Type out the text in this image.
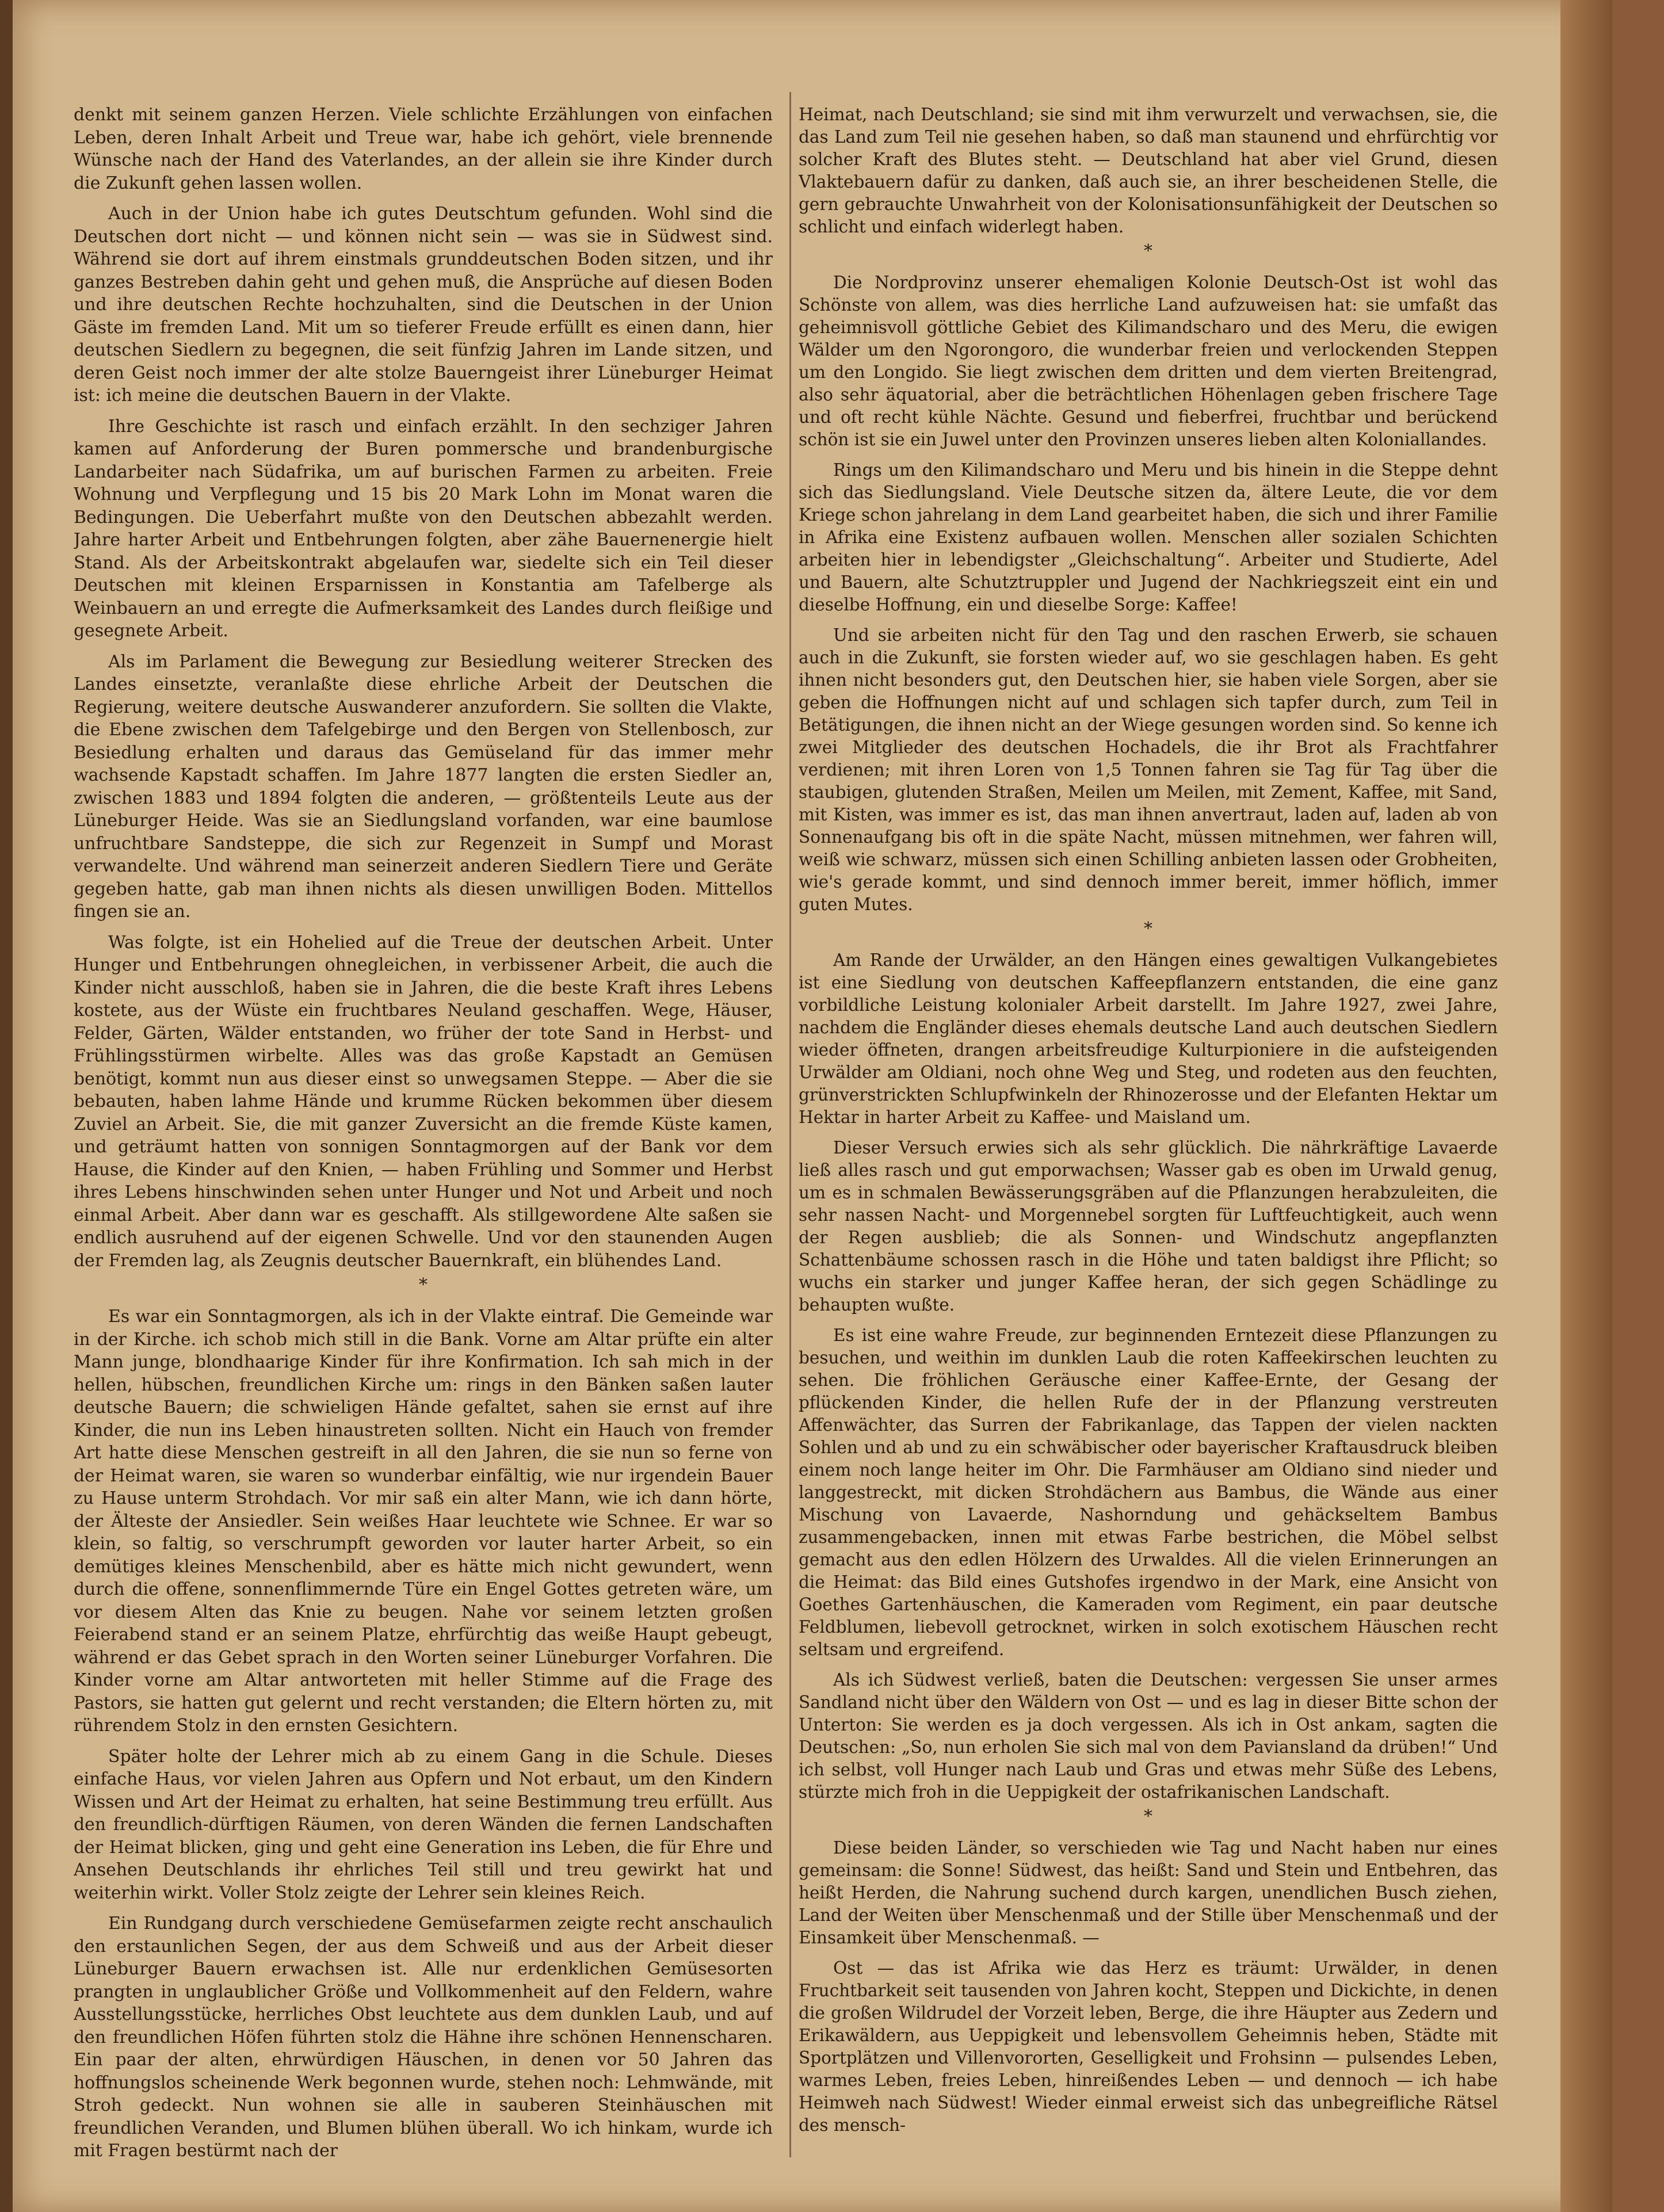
denkt mit seinem ganzen Herzen. Viele schlichte Erzählungen von einfachen Leben, deren Inhalt Arbeit und Treue war, habe ich gehört, viele brennende Wünsche nach der Hand des Vaterlandes, an der allein sie ihre Kinder durch die Zukunft gehen lassen wollen.

Auch in der Union habe ich gutes Deutschtum gefunden. Wohl sind die Deutschen dort nicht — und können nicht sein — was sie in Südwest sind. Während sie dort auf ihrem einstmals grunddeutschen Boden sitzen, und ihr ganzes Bestreben dahin geht und gehen muß, die Ansprüche auf diesen Boden und ihre deutschen Rechte hochzuhalten, sind die Deutschen in der Union Gäste im fremden Land. Mit um so tieferer Freude erfüllt es einen dann, hier deutschen Siedlern zu begegnen, die seit fünfzig Jahren im Lande sitzen, und deren Geist noch immer der alte stolze Bauerngeist ihrer Lüneburger Heimat ist: ich meine die deutschen Bauern in der Vlakte.

Ihre Geschichte ist rasch und einfach erzählt. In den sechziger Jahren kamen auf Anforderung der Buren pommersche und brandenburgische Landarbeiter nach Südafrika, um auf burischen Farmen zu arbeiten. Freie Wohnung und Verpflegung und 15 bis 20 Mark Lohn im Monat waren die Bedingungen. Die Ueberfahrt mußte von den Deutschen abbezahlt werden. Jahre harter Arbeit und Entbehrungen folgten, aber zähe Bauernenergie hielt Stand. Als der Arbeitskontrakt abgelaufen war, siedelte sich ein Teil dieser Deutschen mit kleinen Ersparnissen in Konstantia am Tafelberge als Weinbauern an und erregte die Aufmerksamkeit des Landes durch fleißige und gesegnete Arbeit.

Als im Parlament die Bewegung zur Besiedlung weiterer Strecken des Landes einsetzte, veranlaßte diese ehrliche Arbeit der Deutschen die Regierung, weitere deutsche Auswanderer anzufordern. Sie sollten die Vlakte, die Ebene zwischen dem Tafelgebirge und den Bergen von Stellenbosch, zur Besiedlung erhalten und daraus das Gemüseland für das immer mehr wachsende Kapstadt schaffen. Im Jahre 1877 langten die ersten Siedler an, zwischen 1883 und 1894 folgten die anderen, — größtenteils Leute aus der Lüneburger Heide. Was sie an Siedlungsland vorfanden, war eine baumlose unfruchtbare Sandsteppe, die sich zur Regenzeit in Sumpf und Morast verwandelte. Und während man seinerzeit anderen Siedlern Tiere und Geräte gegeben hatte, gab man ihnen nichts als diesen unwilligen Boden. Mittellos fingen sie an.

Was folgte, ist ein Hohelied auf die Treue der deutschen Arbeit. Unter Hunger und Entbehrungen ohnegleichen, in verbissener Arbeit, die auch die Kinder nicht ausschloß, haben sie in Jahren, die die beste Kraft ihres Lebens kostete, aus der Wüste ein fruchtbares Neuland geschaffen. Wege, Häuser, Felder, Gärten, Wälder entstanden, wo früher der tote Sand in Herbst- und Frühlingsstürmen wirbelte. Alles was das große Kapstadt an Gemüsen benötigt, kommt nun aus dieser einst so unwegsamen Steppe. — Aber die sie bebauten, haben lahme Hände und krumme Rücken bekommen über diesem Zuviel an Arbeit. Sie, die mit ganzer Zuversicht an die fremde Küste kamen, und geträumt hatten von sonnigen Sonntagmorgen auf der Bank vor dem Hause, die Kinder auf den Knien, — haben Frühling und Sommer und Herbst ihres Lebens hinschwinden sehen unter Hunger und Not und Arbeit und noch einmal Arbeit. Aber dann war es geschafft. Als stillgewordene Alte saßen sie endlich ausruhend auf der eigenen Schwelle. Und vor den staunenden Augen der Fremden lag, als Zeugnis deutscher Bauernkraft, ein blühendes Land.

*

Es war ein Sonntagmorgen, als ich in der Vlakte eintraf. Die Gemeinde war in der Kirche. ich schob mich still in die Bank. Vorne am Altar prüfte ein alter Mann junge, blondhaarige Kinder für ihre Konfirmation. Ich sah mich in der hellen, hübschen, freundlichen Kirche um: rings in den Bänken saßen lauter deutsche Bauern; die schwieligen Hände gefaltet, sahen sie ernst auf ihre Kinder, die nun ins Leben hinaustreten sollten. Nicht ein Hauch von fremder Art hatte diese Menschen gestreift in all den Jahren, die sie nun so ferne von der Heimat waren, sie waren so wunderbar einfältig, wie nur irgendein Bauer zu Hause unterm Strohdach. Vor mir saß ein alter Mann, wie ich dann hörte, der Älteste der Ansiedler. Sein weißes Haar leuchtete wie Schnee. Er war so klein, so faltig, so verschrumpft geworden vor lauter harter Arbeit, so ein demütiges kleines Menschenbild, aber es hätte mich nicht gewundert, wenn durch die offene, sonnenflimmernde Türe ein Engel Gottes getreten wäre, um vor diesem Alten das Knie zu beugen. Nahe vor seinem letzten großen Feierabend stand er an seinem Platze, ehrfürchtig das weiße Haupt gebeugt, während er das Gebet sprach in den Worten seiner Lüneburger Vorfahren. Die Kinder vorne am Altar antworteten mit heller Stimme auf die Frage des Pastors, sie hatten gut gelernt und recht verstanden; die Eltern hörten zu, mit rührendem Stolz in den ernsten Gesichtern.

Später holte der Lehrer mich ab zu einem Gang in die Schule. Dieses einfache Haus, vor vielen Jahren aus Opfern und Not erbaut, um den Kindern Wissen und Art der Heimat zu erhalten, hat seine Bestimmung treu erfüllt. Aus den freundlich-dürftigen Räumen, von deren Wänden die fernen Landschaften der Heimat blicken, ging und geht eine Generation ins Leben, die für Ehre und Ansehen Deutschlands ihr ehrliches Teil still und treu gewirkt hat und weiterhin wirkt. Voller Stolz zeigte der Lehrer sein kleines Reich.

Ein Rundgang durch verschiedene Gemüsefarmen zeigte recht anschaulich den erstaunlichen Segen, der aus dem Schweiß und aus der Arbeit dieser Lüneburger Bauern erwachsen ist. Alle nur erdenklichen Gemüsesorten prangten in unglaublicher Größe und Vollkommenheit auf den Feldern, wahre Ausstellungsstücke, herrliches Obst leuchtete aus dem dunklen Laub, und auf den freundlichen Höfen führten stolz die Hähne ihre schönen Hennenscharen. Ein paar der alten, ehrwürdigen Häuschen, in denen vor 50 Jahren das hoffnungslos scheinende Werk begonnen wurde, stehen noch: Lehmwände, mit Stroh gedeckt. Nun wohnen sie alle in sauberen Steinhäuschen mit freundlichen Veranden, und Blumen blühen überall. Wo ich hinkam, wurde ich mit Fragen bestürmt nach der

Heimat, nach Deutschland; sie sind mit ihm verwurzelt und verwachsen, sie, die das Land zum Teil nie gesehen haben, so daß man staunend und ehrfürchtig vor solcher Kraft des Blutes steht. — Deutschland hat aber viel Grund, diesen Vlaktebauern dafür zu danken, daß auch sie, an ihrer bescheidenen Stelle, die gern gebrauchte Unwahrheit von der Kolonisationsunfähigkeit der Deutschen so schlicht und einfach widerlegt haben.

*

Die Nordprovinz unserer ehemaligen Kolonie Deutsch-Ost ist wohl das Schönste von allem, was dies herrliche Land aufzuweisen hat: sie umfaßt das geheimnisvoll göttliche Gebiet des Kilimandscharo und des Meru, die ewigen Wälder um den Ngorongoro, die wunderbar freien und verlockenden Steppen um den Longido. Sie liegt zwischen dem dritten und dem vierten Breitengrad, also sehr äquatorial, aber die beträchtlichen Höhenlagen geben frischere Tage und oft recht kühle Nächte. Gesund und fieberfrei, fruchtbar und berückend schön ist sie ein Juwel unter den Provinzen unseres lieben alten Koloniallandes.

Rings um den Kilimandscharo und Meru und bis hinein in die Steppe dehnt sich das Siedlungsland. Viele Deutsche sitzen da, ältere Leute, die vor dem Kriege schon jahrelang in dem Land gearbeitet haben, die sich und ihrer Familie in Afrika eine Existenz aufbauen wollen. Menschen aller sozialen Schichten arbeiten hier in lebendigster „Gleichschaltung“. Arbeiter und Studierte, Adel und Bauern, alte Schutztruppler und Jugend der Nachkriegszeit eint ein und dieselbe Hoffnung, ein und dieselbe Sorge: Kaffee!

Und sie arbeiten nicht für den Tag und den raschen Erwerb, sie schauen auch in die Zukunft, sie forsten wieder auf, wo sie geschlagen haben. Es geht ihnen nicht besonders gut, den Deutschen hier, sie haben viele Sorgen, aber sie geben die Hoffnungen nicht auf und schlagen sich tapfer durch, zum Teil in Betätigungen, die ihnen nicht an der Wiege gesungen worden sind. So kenne ich zwei Mitglieder des deutschen Hochadels, die ihr Brot als Frachtfahrer verdienen; mit ihren Loren von 1,5 Tonnen fahren sie Tag für Tag über die staubigen, glutenden Straßen, Meilen um Meilen, mit Zement, Kaffee, mit Sand, mit Kisten, was immer es ist, das man ihnen anvertraut, laden auf, laden ab von Sonnenaufgang bis oft in die späte Nacht, müssen mitnehmen, wer fahren will, weiß wie schwarz, müssen sich einen Schilling anbieten lassen oder Grobheiten, wie's gerade kommt, und sind dennoch immer bereit, immer höflich, immer guten Mutes.

*

Am Rande der Urwälder, an den Hängen eines gewaltigen Vulkangebietes ist eine Siedlung von deutschen Kaffeepflanzern entstanden, die eine ganz vorbildliche Leistung kolonialer Arbeit darstellt. Im Jahre 1927, zwei Jahre, nachdem die Engländer dieses ehemals deutsche Land auch deutschen Siedlern wieder öffneten, drangen arbeitsfreudige Kulturpioniere in die aufsteigenden Urwälder am Oldiani, noch ohne Weg und Steg, und rodeten aus den feuchten, grünverstrickten Schlupfwinkeln der Rhinozerosse und der Elefanten Hektar um Hektar in harter Arbeit zu Kaffee- und Maisland um.

Dieser Versuch erwies sich als sehr glücklich. Die nährkräftige Lavaerde ließ alles rasch und gut emporwachsen; Wasser gab es oben im Urwald genug, um es in schmalen Bewässerungsgräben auf die Pflanzungen herabzuleiten, die sehr nassen Nacht- und Morgennebel sorgten für Luftfeuchtigkeit, auch wenn der Regen ausblieb; die als Sonnen- und Windschutz angepflanzten Schattenbäume schossen rasch in die Höhe und taten baldigst ihre Pflicht; so wuchs ein starker und junger Kaffee heran, der sich gegen Schädlinge zu behaupten wußte.

Es ist eine wahre Freude, zur beginnenden Erntezeit diese Pflanzungen zu besuchen, und weithin im dunklen Laub die roten Kaffeekirschen leuchten zu sehen. Die fröhlichen Geräusche einer Kaffee-Ernte, der Gesang der pflückenden Kinder, die hellen Rufe der in der Pflanzung verstreuten Affenwächter, das Surren der Fabrikanlage, das Tappen der vielen nackten Sohlen und ab und zu ein schwäbischer oder bayerischer Kraftausdruck bleiben einem noch lange heiter im Ohr. Die Farmhäuser am Oldiano sind nieder und langgestreckt, mit dicken Strohdächern aus Bambus, die Wände aus einer Mischung von Lavaerde, Nashorndung und gehäckseltem Bambus zusammengebacken, innen mit etwas Farbe bestrichen, die Möbel selbst gemacht aus den edlen Hölzern des Urwaldes. All die vielen Erinnerungen an die Heimat: das Bild eines Gutshofes irgendwo in der Mark, eine Ansicht von Goethes Gartenhäuschen, die Kameraden vom Regiment, ein paar deutsche Feldblumen, liebevoll getrocknet, wirken in solch exotischem Häuschen recht seltsam und ergreifend.

Als ich Südwest verließ, baten die Deutschen: vergessen Sie unser armes Sandland nicht über den Wäldern von Ost — und es lag in dieser Bitte schon der Unterton: Sie werden es ja doch vergessen. Als ich in Ost ankam, sagten die Deutschen: „So, nun erholen Sie sich mal von dem Paviansland da drüben!“ Und ich selbst, voll Hunger nach Laub und Gras und etwas mehr Süße des Lebens, stürzte mich froh in die Ueppigkeit der ostafrikanischen Landschaft.

*

Diese beiden Länder, so verschieden wie Tag und Nacht haben nur eines gemeinsam: die Sonne! Südwest, das heißt: Sand und Stein und Entbehren, das heißt Herden, die Nahrung suchend durch kargen, unendlichen Busch ziehen, Land der Weiten über Menschenmaß und der Stille über Menschenmaß und der Einsamkeit über Menschenmaß. —

Ost — das ist Afrika wie das Herz es träumt: Urwälder, in denen Fruchtbarkeit seit tausenden von Jahren kocht, Steppen und Dickichte, in denen die großen Wildrudel der Vorzeit leben, Berge, die ihre Häupter aus Zedern und Erikawäldern, aus Ueppigkeit und lebensvollem Geheimnis heben, Städte mit Sportplätzen und Villenvororten, Geselligkeit und Frohsinn — pulsendes Leben, warmes Leben, freies Leben, hinreißendes Leben — und dennoch — ich habe Heimweh nach Südwest! Wieder einmal erweist sich das unbegreifliche Rätsel des mensch-
